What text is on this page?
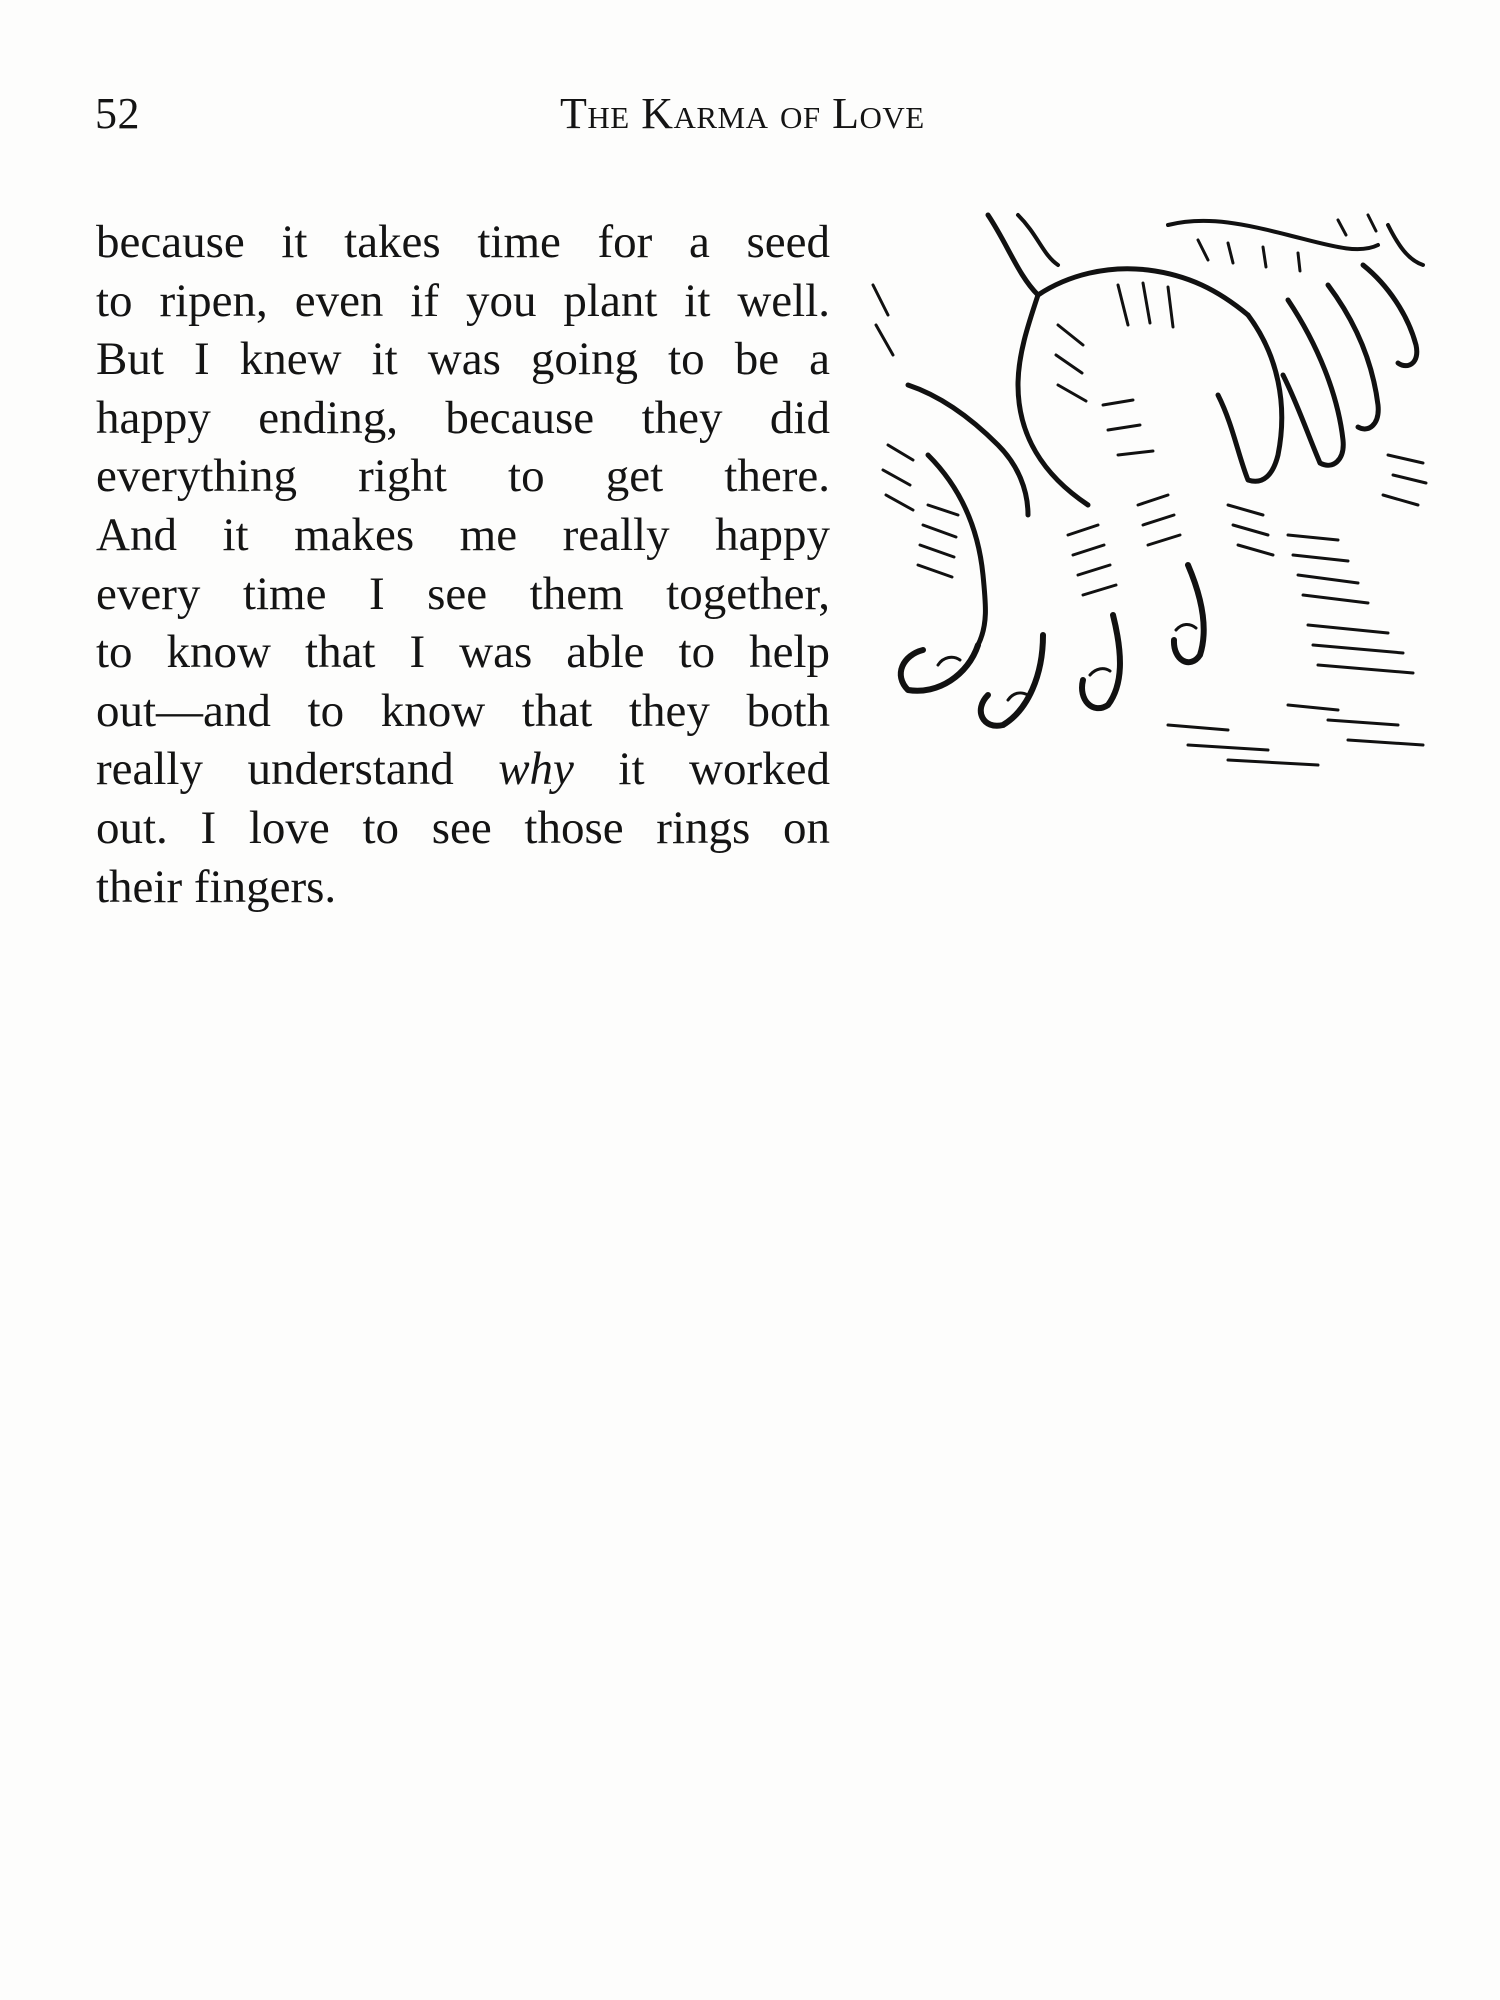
52	The Karma of Love
because it takes time for a seed
to ripen, even if you plant it well.
But I knew it was going to be a
happy ending, because they did
everything right to get there.
And it makes me really happy
every time I see them together,
to know that I was able to help
out—and to know that they both
really understand why it worked
out. I love to see those rings on
their fingers.
